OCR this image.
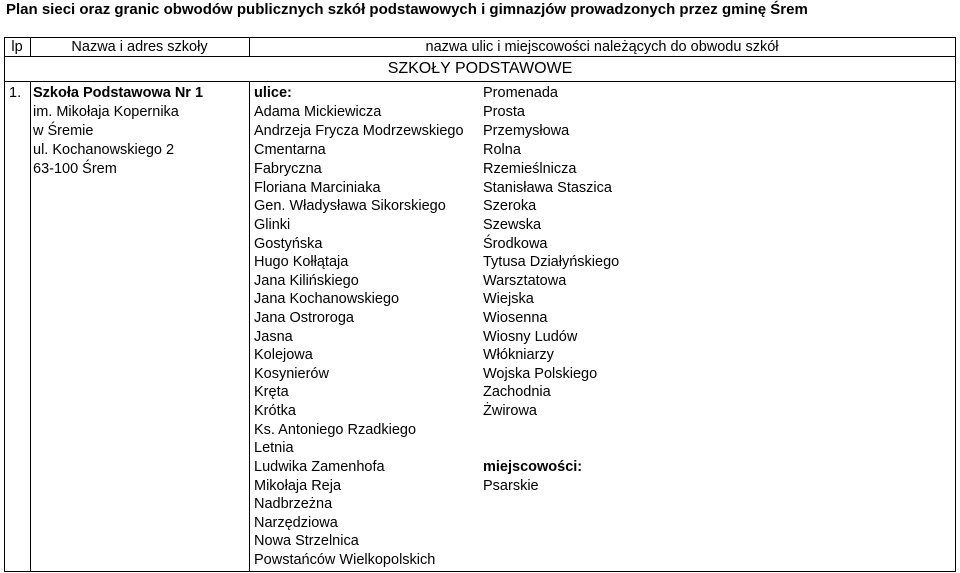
Plan sieci oraz granic obwodów publicznych szkół podstawowych i gimnazjów prowadzonych przez gminę Śrem
lp	Nazwa i adres szkoły	nazwa ulic i miejscowości należących do obwodu szkół
SZKOŁY PODSTAWOWE
1. Szkoła Podstawowa Nr 1
im. Mikołaja Kopernika
w Śremie
ul. Kochanowskiego 2
63-100 Śrem
ulice:
Adama Mickiewicza
Andrzeja Frycza Modrzewskiego
Cmentarna
Fabryczna
Floriana Marciniaka
Gen. Władysława Sikorskiego
Glinki
Gostyńska
Hugo Kołłątaja
Jana Kilińskiego
Jana Kochanowskiego
Jana Ostroroga
Jasna
Kolejowa
Kosynierów
Kręta
Krótka
Ks. Antoniego Rzadkiego
Letnia
Ludwika Zamenhofa
Mikołaja Reja
Nadbrzeżna
Narzędziowa
Nowa Strzelnica
Powstańców Wielkopolskich
Promenada
Prosta
Przemysłowa
Rolna
Rzemieślnicza
Stanisława Staszica
Szeroka
Szewska
Środkowa
Tytusa Działyńskiego
Warsztatowa
Wiejska
Wiosenna
Wiosny Ludów
Włókniarzy
Wojska Polskiego
Zachodnia
Żwirowa
miejscowości:
Psarskie
